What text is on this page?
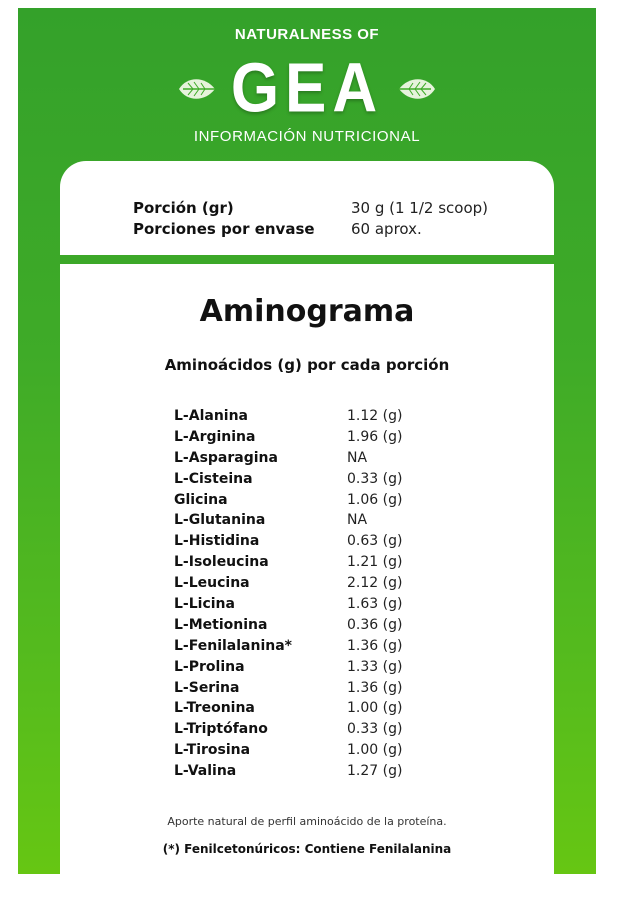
NATURALNESS OF
GEA
INFORMACIÓN NUTRICIONAL
Porción (gr)	30 g (1 1/2 scoop)
Porciones por envase 60 aprox.
Aminograma
Aminoácidos (g) por cada porción
L-Alanina	1.12 (g)
L-Arginina	1.96 (g)
L-Asparagina	NA
L-Cisteina	0.33 (g)
Glicina	1.06 (g)
L-Glutanina	NA
L-Histidina	0.63 (g)
L-Isoleucina	1.21 (g)
L-Leucina	2.12 (g)
L-Licina	1.63 (g)
L-Metionina	0.36 (g)
L-Fenilalanina*	1.36 (g)
L-Prolina	1.33 (g)
L-Serina	1.36 (g)
L-Treonina	1.00 (g)
L-Triptófano	0.33 (g)
L-Tirosina	1.00 (g)
L-Valina	1.27 (g)
Aporte natural de perfil aminoácido de la proteína.
(*) Fenilcetonúricos: Contiene Fenilalanina
